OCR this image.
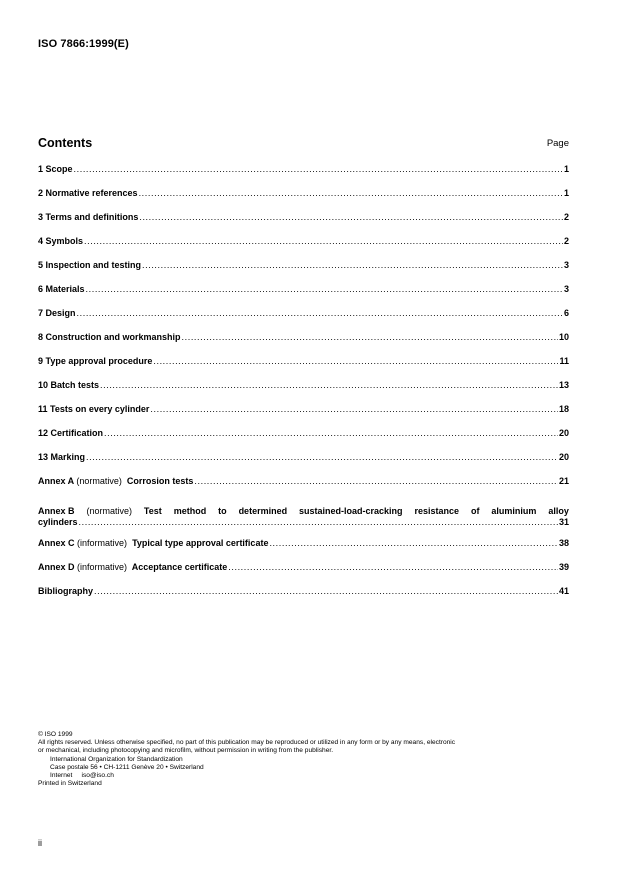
ISO 7866:1999(E)
Contents	Page
1 Scope .....	1
2 Normative references .....	1
3 Terms and definitions .....	2
4 Symbols .....	2
5 Inspection and testing .....	3
6 Materials .....	3
7 Design .....	6
8 Construction and workmanship .....	10
9 Type approval procedure .....	11
10 Batch tests .....	13
11 Tests on every cylinder .....	18
12 Certification .....	20
13 Marking .....	20
Annex A (normative) Corrosion tests .....	21
Annex B (normative) Test method to determined sustained-load-cracking resistance of aluminium alloy
cylinders .....	31
Annex C (informative) Typical type approval certificate .....	38
Annex D (informative) Acceptance certificate .....	39
Bibliography .....	41
© ISO 1999
All rights reserved. Unless otherwise specified, no part of this publication may be reproduced or utilized in any form or by any means, electronic
or mechanical, including photocopying and microfilm, without permission in writing from the publisher.
International Organization for Standardization
Case postale 56 • CH-1211 Genève 20 • Switzerland
Internet iso@iso.ch
Printed in Switzerland
ii
